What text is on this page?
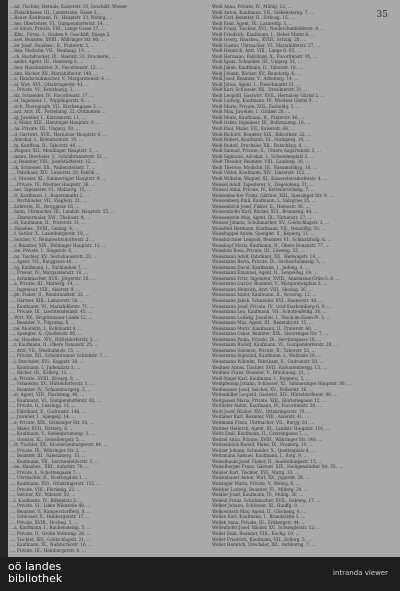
35
…nd, Tischler, Hernals, Kaiserstr. 10, Geschäft, Wiener
…Fleischhauer, III., Landstraße, Gasse 5, …
…Bauer, Kaufmann, IV., Hauptstr. 23, Wohng., …
…ner, Oberlehrer, VI., Gumpendorferstr. 14, …
…el Anton, Private, VIII., Lange Gasse 27, …
…Kfm., Firma, I., Graben 9, Geschäft, Stiege 2,
…ssel, Beamter, XVIII., Währinger Str. 60, …
…ler Josef, Hausbes., II., Praterstr. 5, …
…lein, Modistin, VII., Neubaug. 19, …
…ch, Buchdrucker, IX., Alserstr. 33, Druckerei, …
…ander, Agent, III., Rennweg 8, …
…mer, Hausbesitzer, X., Favoritenstr. 12, …
…ann, Bäcker, XV., Mariahilferstr. 140, …
…a, Handschuhmacher, V., Margaretenstr. 4, …
…el, Wirt, XVI., Ottakringerstr. 41, …
…, Private, VI., Esterhazyg. 2, …
…itz, Schneider, IV., Favoritenstr. 17, …
…er, Ingenieur, I., Wipplingerstr. 8, …
…rich, Photograph, VII., Kirchengasse 3, …
…ard, Arzt, IX., Porzellang. 22, Ordination …
…ig, Juwelier, I., Kärntnerstr. 11, …
…z, Maler, XIII., Hietzinger Hauptstr. 9, …
…na, Private, III., Ungarg. 30, …
…d, Gastwirt, XVII., Hernalser Hauptstr. 6, …
…Advokat, I., Rotenturmstr. 19, …
…ta, Kauffrau, II., Taborstr. 44, …
…Wagner, XII., Meidlinger Hauptstr. 3, …
…mann, Drechsler, V., Schönbrunnerstr. 52, …
…z, Beamter, VIII., Josefstädterstr. 12, …
…ik, Schlosser, XX., Wallensteinstr. 7, …
…, Fabrikant, XIV., Linzerstr. 28, Fabrik …
…t, Greisler, XI., Simmeringer Hauptstr. 9, …
…, Private, IV., Wiedner Hauptstr. 36, …
…ner, Tapezierer, VI., Mollardg. 15, …
…rl, Kaufmann, I., Bauernmarkt 2, …
…, Buchbinder, VII., Zieglerg. 21, …
…Lehrerin, IX., Berggasse 16, …
…hann, Uhrmacher, III., Landstr. Hauptstr. 55, …
…, Zimmermaler, XVI., Thaliastr. 8, …
…el, Kaufmann, II., Praterstr. 31, …
…Hausbes., XVIII., Gentzg. 4, …
…f, Sattler, X., Laxenburgerstr. 19, …
…Selcher, V., Reinprechtsdorferstr. 2, …
…r, Beamter, XIX., Döblinger Hauptstr. 11, …
…ise, Private, I., Singerstr. 6, …
…nz, Tischler, XV., Sechshauserstr. 23, …
…, Agent, VII., Burggasse 40, …
…rg, Kaufmann, I., Tuchlauben 7, …
…, Friseur, IV., Margaretenstr. 10, …
…, Schuhmacher, XVII., Jörgerstr. 26, …
…a, Private, III., Marxerg. 14, …
…, Ingenieur, VIII., Alserstr. 9, …
…ph, Fiaker, II., Rembrandtstr. 33, …
…, Gärtner, XIII., Lainzerstr. 18, …
…, Kaufmann, VI., Mariahilferstr. 71, …
…, Private, IX., Liechtensteinstr. 45, …
…Wirt, XX., Brigittenauer Lände 12, …
…, Beamter, V., Pilgramg. 8, …
…ne, Modistin, I., Kohlmarkt 4, …
…, Spengler, X., Quellenstr. 60, …
…nz, Hausbes., XIV., Hütteldorferstr. 3, …
…t, Kaufmann, II., Obere Donaustr. 25, …
…, Arzt, VII., Westbahnstr. 15, …
…, Private, XII., Schönbrunner Schloßstr. 7, …
…l, Drechsler, XVI., Koppstr. 30, …
…, Kaufmann, I., Judenplatz 3, …
…, Bäcker, III., Kollerg. 12, …
…a, Private, XVIII., Kreuzg. 9, …
…, Schneider, XV., Hütteldorferstr. 1, …
…, Beamter, IV., Schaumburgerg. 5, …
…st, Agent, VIII., Piaristeng. 40, …
…, Kaufmann, VI., Gumpendorferstr. 82, …
…, Private, II., Lessingg. 11, …
…, Fabrikant, X., Gudrunstr. 146, …
…, Juwelier, I., Spiegelg. 14, …
…e, Private, XIX., Grinzinger Str. 20, …
…, Maler, XVII., Rötzerg. 6, …
…, Kaufmann, V., Siebenbrunneng. 3, …
…, Greisler, XI., Geiselbergstr. 5, …
…rt, Tischler, XX., Klosterneuburgerstr. 84, …
…, Private, IX., Währinger Str. 2, …
…, Beamter, III., Salesianerg. 13, …
…, Kaufmann, VII., Lerchenfelderstr. 1, …
…nn, Hausbes., XIII., Auhofstr. 70, …
…, Private, I., Schottengasse 7, …
…, Uhrmacher, II., Nestroyplatz 1, …
…, Kaufmann, XVI., Ottakringerstr. 112, …
…, Private, VIII., Florianig. 22, …
…, Selcher, XV., Märzstr. 50, …
…l, Kaufmann, IV., Rilkeplatz 2, …
…, Private, VI., Linke Wienzeile 48, …
…, Beamter, V., Ramperstorfferg. 9, …
…, Schlosser, X., Himbergerstr. 17, …
…, Private, XVIII., Hockeg. 3, …
…a, Kaufmann, I., Rauhensteing. 5, …
…, Private, II., Große Mohreng. 28, …
…, Tischler, XIV., Goldschlagstr. 21, …
…, Kaufmann, IX., Nußdorferstr. 16, …
…, Private, III., Hainburgerstr. 4, …
Weiß Anna, Private, IV., Mühlg. 12, …
Weiß Anton, Kaufmann, VII., Siebensterng. 7, …
Weiß Carl, Beamter, II., Zirkusg. 15, …
Weiß Emil, Agent, IX., Lazarettg. 3, …
Weiß Franz, Tischler, XVI., Neulerchenfelderstr. 4, …
Weiß Friedrich, Kaufmann, I., Hoher Markt 8, …
Weiß Georg, Hausbes., XVIII., Schulg. 20, …
Weiß Gustav, Uhrmacher, VI., Mariahilferstr. 27, …
Weiß Heinrich, Arzt, VIII., Lange G. 63, …
Weiß Hermann, Fabrikant, X., Favoritenstr. 95, …
Weiß Ignaz, Schneider, III., Ungarg. 51, …
Weiß Jakob, Kaufmann, II., Taborstr. 18, …
Weiß Johann, Bäcker, XV., Reindorfg. 6, …
Weiß Josef, Beamter, V., Arbeiterg. 14, …
Weiß Julius, Agent, I., Fleischmarkt 11, …
Weiß Karl, Schlosser, XX., Dresdnerstr. 31, …
Weiß Leopold, Gastwirt, XVII., Hernalser Gürtel 2, …
Weiß Ludwig, Kaufmann, IV., Wiedner Gürtel 9, …
Weiß Marie, Private, XIII., Fasholdg. 5, …
Weiß Max, Juwelier, I., Graben 26, …
Weiß Moriz, Kaufmann, II., Praterstr. 46, …
Weiß Oskar, Ingenieur, IX., Boltzmanng. 10, …
Weiß Paul, Maler, VII., Kaiserstr. 68, …
Weiß Richard, Beamter, XIX., Billrothstr. 22, …
Weiß Robert, Kaufmann, VI., Stumperg. 14, …
Weiß Rudolf, Drechsler, XII., Ratschkyg. 8, …
Weiß Samuel, Private, II., Untere Augartenstr. 3, …
Weiß Sigmund, Advokat, I., Schwedenplatz 2, …
Weiß Theodor, Beamter, VIII., Laudong. 30, …
Weiß Therese, Modistin, III., Rasumofskyg. 16, …
Weiß Viktor, Kaufmann, XIV., Linzerstr. 112, …
Weiß Wilhelm, Wagner, XI., Kaiserebersdorferstr. 4, …
Weissel Adolf, Tapezierer, V., Ziegelofeng. 21, …
Weissel Anna, Private, IV., Kettenbrückeng. 7, …
Weissenbacher Franz, Gärtner, XIII., Speisinger Str. 9, …
Weissenberg Emil, Kaufmann, I., Salzgries 15, …
Weissenböck Josef, Fiaker, II., Heinestr. 38, …
Weissenhofer Karl, Bäcker, XVI., Brunneng. 44, …
Weissenstein Max, Agent, IX., Türkenstr. 27, …
Weisser Johann, Schuhmacher, XV., Goldschlagstr. 3, …
Weissfeld Hermann, Kaufmann, VII., Neustiftg. 50, …
Weisshappel Anton, Spengler, X., Keplerg. 11, …
Weisskirchner Leopold, Beamter, VI., Schmalzhofg. 6, …
Weisskopf Moriz, Kaufmann, II., Obere Donaustr. 77, …
Weisslein Rosa, Private, III., Löweng. 23, …
Weissmann Adolf, Fabrikant, XX., Hellwagstr. 14, …
Weissmann Berta, Private, IX., Sechsschimmelg. 5, …
Weissmann David, Kaufmann, I., Judeng. 4, …
Weissmann Emanuel, Agent, II., Leopoldsg. 19, …
Weissmann Fritz, Ingenieur, XVIII., Anastasius-Grün-G. 8, …
Weissmann Gustav, Beamter, V., Margaretenplatz 3, …
Weissmann Heinrich, Arzt, VIII., Skodag. 26, …
Weissmann Isidor, Kaufmann, II., Novarag. 12, …
Weissmann Jakob, Schneider, XVI., Hasnerstr. 40, …
Weissmann Josef, Private, IV., Graf-Starhemberg-G. 9, …
Weissmann Leo, Kaufmann, VII., Schottenfeldg. 36, …
Weissmann Ludwig, Juwelier, I., Stock-im-Eisen-Pl. 3, …
Weissmann Max, Agent, III., Radetzkystr. 15, …
Weissmann Moriz, Kaufmann, II., Praterstr. 60, …
Weissmann Oskar, Beamter, XIX., Sieveringer Str. 7, …
Weissmann Paula, Private, IX., Servitengasse 18, …
Weissmann Rudolf, Kaufmann, VI., Gumpendorferstr. 20, …
Weissmann Salomon, Private, II., Taborstr. 52, …
Weissmann Sigmund, Kaufmann, I., Wollzeile 29, …
Weissmann Wilhelm, Fabrikant, X., Gudrunstr. 50, …
Weißner Anton, Tischler, XVII., Kalvarienbergg. 13, …
Weißner Franz, Beamter, V., Bräuhausg. 21, …
Weiß-Nagel Karl, Kaufmann, I., Bognerg. 5, …
Weißpfennig Johann, Schlosser, XI., Simmeringer Hauptstr. 80, …
Weißwasser Josef, Selcher, XV., Felberstr. 16, …
Weitenhiller Leopold, Gastwirt, XIV., Hütteldorferstr. 90, …
Weitgasser Maria, Private, XIII., Gloriettegasse 12, …
Weithofer Anton, Kaufmann, IV., Favoritenstr. 30, …
Weitl Josef, Bäcker, XVI., Ottakringerstr. 70, …
Weitlaner Karl, Beamter, VIII., Alserstr. 41, …
Weitmann Franz, Uhrmacher, VII., Burgg. 81, …
Weitner Heinrich, Agent, III., Landstr. Hauptstr. 101, …
Weitz Emil, Kaufmann, II., Czerningasse 7, …
Weitzel Anna, Private, XVIII., Währinger Str. 140, …
Weitzenböck Rudolf, Maler, IX., Pramerg. 10, …
Weitzer Johann, Schneider, X., Quellenplatz 4, …
Weitzmann Samuel, Kaufmann, I., Rotg. 9, …
Weixelbaum Josef, Fiaker, II., Ausstellungsstr. 15, …
Weixelberger Franz, Gärtner, XIX., Heiligenstädter Str. 55, …
Weixler Karl, Tischler, XVI., Wattg. 33, …
Weizenbauer Anton, Wirt, XX., Jägerstr. 28, …
Weizinger Maria, Private, V., Wehrg. 8, …
Welcker Ludwig, Beamter, VI., Millerg. 24, …
Weldler Josef, Kaufmann, IV., Mühlg. 30, …
Welebil Franz, Schuhmacher, XVII., Geblerg. 17, …
Welker Johann, Schlosser, XI., Hauffg. 9, …
Welkowitsch Max, Agent, II., Glockeng. 6, …
Wellan Karl, Kaufmann, I., Brandstätte 3, …
Wellek Anna, Private, III., Erdbergstr. 44, …
Wellenhofer Josef, Bäcker, XV., Schweglerstr. 12, …
Weller Emil, Beamter, VIII., Kochg. 19, …
Weller Friedrich, Kaufmann, VII., Zollerg. 5, …
Weller Heinrich, Drechsler, XII., Aichhorng. 7, …
oö landes
bibliothek	intranda viewer
